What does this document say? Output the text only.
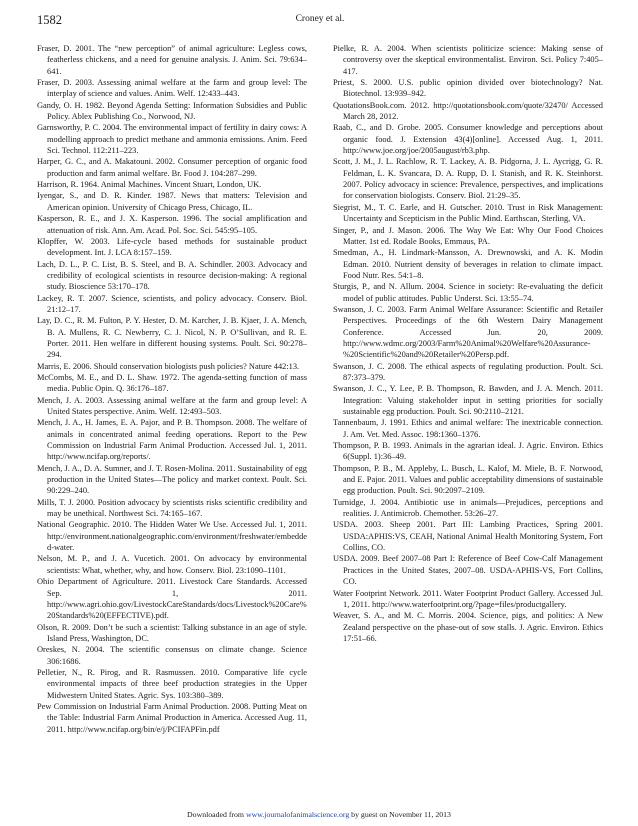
1582	Croney et al.

Fraser, D. 2001. The “new perception” of animal agriculture: Legless cows, featherless chickens, and a need for genuine analysis. J. Anim. Sci. 79:634–641.

Fraser, D. 2003. Assessing animal welfare at the farm and group level: The interplay of science and values. Anim. Welf. 12:433–443.

Gandy, O. H. 1982. Beyond Agenda Setting: Information Subsidies and Public Policy. Ablex Publishing Co., Norwood, NJ.

Garnsworthy, P. C. 2004. The environmental impact of fertility in dairy cows: A modelling approach to predict methane and ammonia emissions. Anim. Feed Sci. Technol. 112:211–223.

Harper, G. C., and A. Makatouni. 2002. Consumer perception of organic food production and farm animal welfare. Br. Food J. 104:287–299.

Harrison, R. 1964. Animal Machines. Vincent Stuart, London, UK.

Iyengar, S., and D. R. Kinder. 1987. News that matters: Television and American opinion. University of Chicago Press, Chicago, IL.

Kasperson, R. E., and J. X. Kasperson. 1996. The social amplification and attenuation of risk. Ann. Am. Acad. Pol. Soc. Sci. 545:95–105.

Klopffer, W. 2003. Life-cycle based methods for sustainable product development. Int. J. LCA 8:157–159.

Lach, D. L., P. C. List, B. S. Steel, and B. A. Schindler. 2003. Advocacy and credibility of ecological scientists in resource decision-making: A regional study. Bioscience 53:170–178.

Lackey, R. T. 2007. Science, scientists, and policy advocacy. Conserv. Biol. 21:12–17.

Lay, D. C., R. M. Fulton, P. Y. Hester, D. M. Karcher, J. B. Kjaer, J. A. Mench, B. A. Mullens, R. C. Newberry, C. J. Nicol, N. P. O’Sullivan, and R. E. Porter. 2011. Hen welfare in different housing systems. Poult. Sci. 90:278–294.

Marris, E. 2006. Should conservation biologists push policies? Nature 442:13.

McCombs, M. E., and D. L. Shaw. 1972. The agenda-setting function of mass media. Public Opin. Q. 36:176–187.

Mench, J. A. 2003. Assessing animal welfare at the farm and group level: A United States perspective. Anim. Welf. 12:493–503.

Mench, J. A., H. James, E. A. Pajor, and P. B. Thompson. 2008. The welfare of animals in concentrated animal feeding operations. Report to the Pew Commission on Industrial Farm Animal Production. Accessed Jul. 1, 2011. http://www.ncifap.org/reports/.

Mench, J. A., D. A. Sumner, and J. T. Rosen-Molina. 2011. Sustainability of egg production in the United States—The policy and market context. Poult. Sci. 90:229–240.

Mills, T. J. 2000. Position advocacy by scientists risks scientific credibility and may be unethical. Northwest Sci. 74:165–167.

National Geographic. 2010. The Hidden Water We Use. Accessed Jul. 1, 2011. http://environment.nationalgeographic.com/environment/freshwater/embedded-water.

Nelson, M. P., and J. A. Vucetich. 2001. On advocacy by environmental scientists: What, whether, why, and how. Conserv. Biol. 23:1090–1101.

Ohio Department of Agriculture. 2011. Livestock Care Standards. Accessed Sep. 1, 2011. http://www.agri.ohio.gov/LivestockCareStandards/docs/Livestock%20Care%20Standards%20(EFFECTIVE).pdf.

Olson, R. 2009. Don’t be such a scientist: Talking substance in an age of style. Island Press, Washington, DC.

Oreskes, N. 2004. The scientific consensus on climate change. Science 306:1686.

Pelletier, N., R. Pirog, and R. Rasmussen. 2010. Comparative life cycle environmental impacts of three beef production strategies in the Upper Midwestern United States. Agric. Sys. 103:380–389.

Pew Commission on Industrial Farm Animal Production. 2008. Putting Meat on the Table: Industrial Farm Animal Production in America. Accessed Aug. 11, 2011. http://www.ncifap.org/bin/e/j/PCIFAPFin.pdf

Pielke, R. A. 2004. When scientists politicize science: Making sense of controversy over the skeptical environmentalist. Environ. Sci. Policy 7:405–417.

Priest, S. 2000. U.S. public opinion divided over biotechnology? Nat. Biotechnol. 13:939–942.

QuotationsBook.com. 2012. http://quotationsbook.com/quote/32470/ Accessed March 28, 2012.

Raab, C., and D. Grobe. 2005. Consumer knowledge and perceptions about organic food. J. Extension 43(4)[online]. Accessed Aug. 1, 2011. http://www.joe.org/joe/2005august/rb3.php.

Scott, J. M., J. L. Rachlow, R. T. Lackey, A. B. Pidgorna, J. L. Aycrigg, G. R. Feldman, L. K. Svancara, D. A. Rupp, D. I. Stanish, and R. K. Steinhorst. 2007. Policy advocacy in science: Prevalence, perspectives, and implications for conservation biologists. Conserv. Biol. 21:29–35.

Siegrist, M., T. C. Earle, and H. Gutscher. 2010. Trust in Risk Management: Uncertainty and Scepticism in the Public Mind. Earthscan, Sterling, VA.

Singer, P., and J. Mason. 2006. The Way We Eat: Why Our Food Choices Matter. 1st ed. Rodale Books, Emmaus, PA.

Smedman, A., H. Lindmark-Mansson, A. Drewnowski, and A. K. Modin Edman. 2010. Nutrient density of beverages in relation to climate impact. Food Nutr. Res. 54:1–8.

Sturgis, P., and N. Allum. 2004. Science in society: Re-evaluating the deficit model of public attitudes. Public Underst. Sci. 13:55–74.

Swanson, J. C. 2003. Farm Animal Welfare Assurance: Scientific and Retailer Perspectives. Proceedings of the 6th Western Dairy Management Conference. Accessed Jun. 20, 2009. http://www.wdmc.org/2003/Farm%20Animal%20Welfare%20Assurance-%20Scientific%20and%20Retailer%20Persp.pdf.

Swanson, J. C. 2008. The ethical aspects of regulating production. Poult. Sci. 87:373–379.

Swanson, J. C., Y. Lee, P. B. Thompson, R. Bawden, and J. A. Mench. 2011. Integration: Valuing stakeholder input in setting priorities for socially sustainable egg production. Poult. Sci. 90:2110–2121.

Tannenbaum, J. 1991. Ethics and animal welfare: The inextricable connection. J. Am. Vet. Med. Assoc. 198:1360–1376.

Thompson, P. B. 1993. Animals in the agrarian ideal. J. Agric. Environ. Ethics 6(Suppl. 1):36–49.

Thompson, P. B., M. Appleby, L. Busch, L. Kalof, M. Miele, B. F. Norwood, and E. Pajor. 2011. Values and public acceptability dimensions of sustainable egg production. Poult. Sci. 90:2097–2109.

Turnidge, J. 2004. Antibiotic use in animals—Prejudices, perceptions and realities. J. Antimicrob. Chemother. 53:26–27.

USDA. 2003. Sheep 2001. Part III: Lambing Practices, Spring 2001. USDA:APHIS:VS, CEAH, National Animal Health Monitoring System, Fort Collins, CO.

USDA. 2009. Beef 2007–08 Part I: Reference of Beef Cow-Calf Management Practices in the United States, 2007–08. USDA-APHIS-VS, Fort Collins, CO.

Water Footprint Network. 2011. Water Footprint Product Gallery. Accessed Jul. 1, 2011. http://www.waterfootprint.org/?page=files/productgallery.

Weaver, S. A., and M. C. Morris. 2004. Science, pigs, and politics: A New Zealand perspective on the phase-out of sow stalls. J. Agric. Environ. Ethics 17:51–66.

Downloaded from www.journalofanimalscience.org by guest on November 11, 2013
